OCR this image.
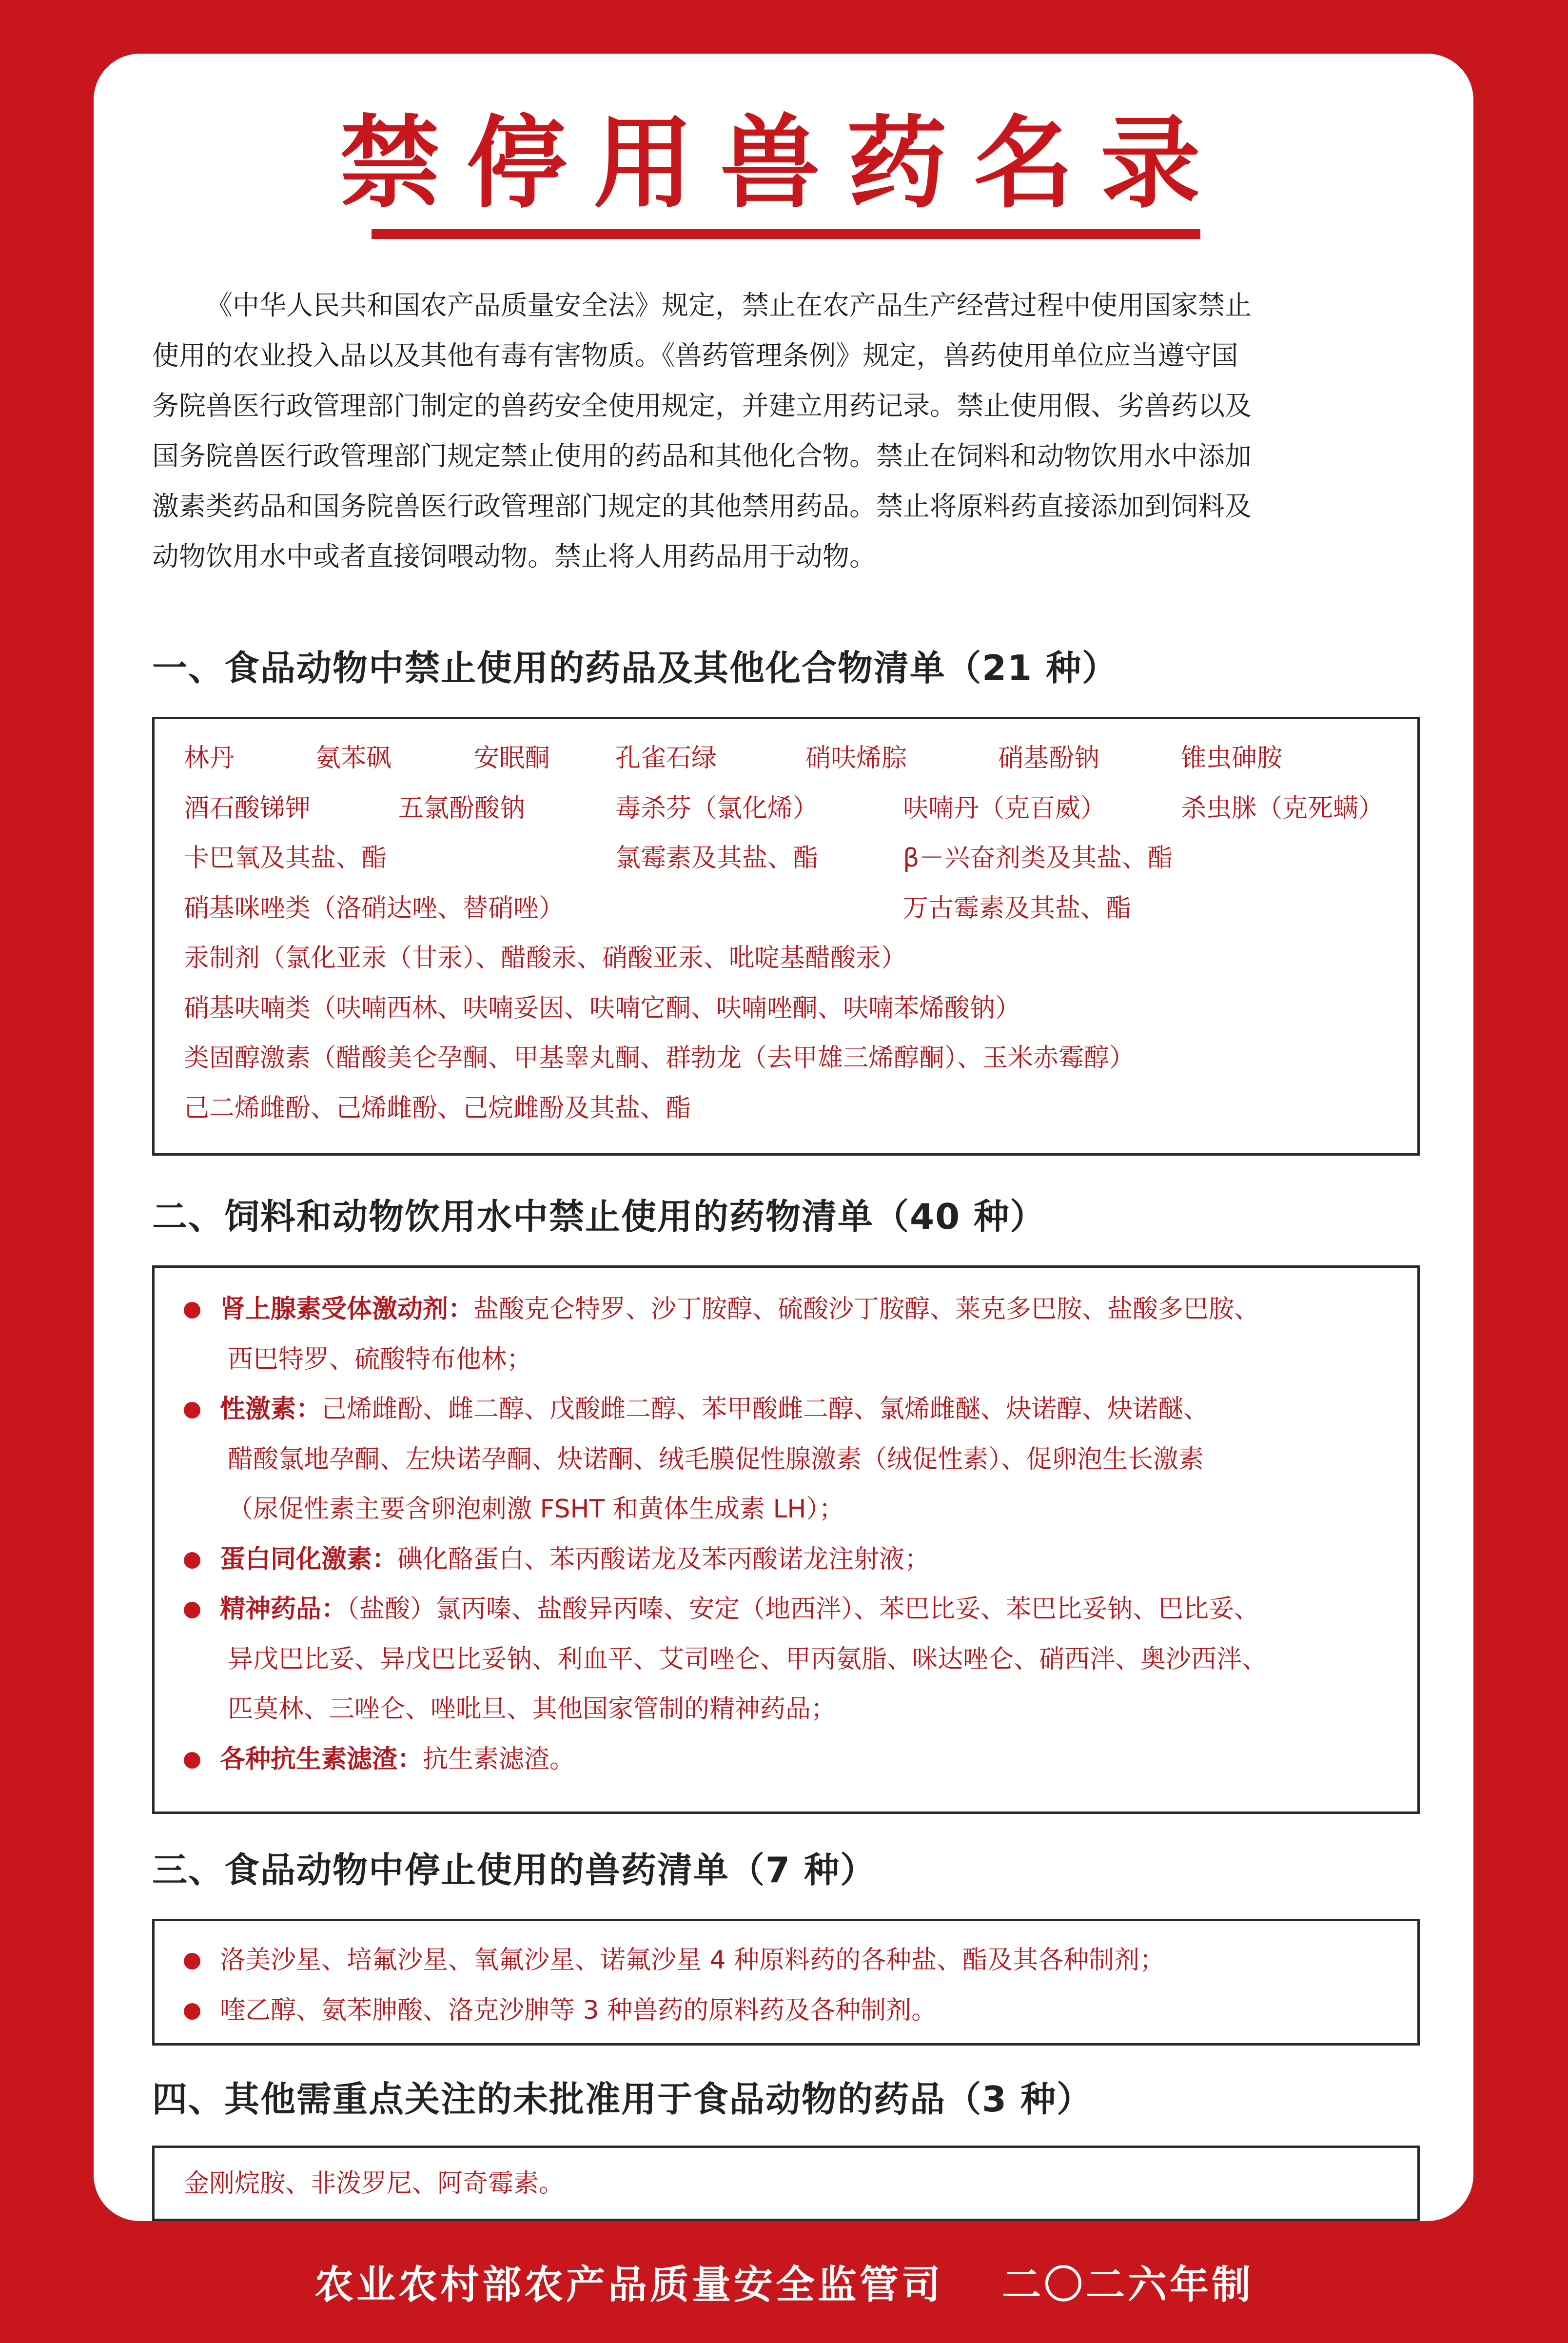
禁停用兽药名录
《中华人民共和国农产品质量安全法》规定，禁止在农产品生产经营过程中使用国家禁止
使用的农业投入品以及其他有毒有害物质。《兽药管理条例》规定，兽药使用单位应当遵守国
务院兽医行政管理部门制定的兽药安全使用规定，并建立用药记录。禁止使用假、劣兽药以及
国务院兽医行政管理部门规定禁止使用的药品和其他化合物。禁止在饲料和动物饮用水中添加
激素类药品和国务院兽医行政管理部门规定的其他禁用药品。禁止将原料药直接添加到饲料及
动物饮用水中或者直接饲喂动物。禁止将人用药品用于动物。
一、食品动物中禁止使用的药品及其他化合物清单（21 种）
林丹	氨苯砜	安眠酮	孔雀石绿	硝呋烯腙	硝基酚钠	锥虫砷胺
酒石酸锑钾	五氯酚酸钠	毒杀芬（氯化烯）	呋喃丹（克百威）	杀虫脒（克死螨）
卡巴氧及其盐、酯	氯霉素及其盐、酯	β－兴奋剂类及其盐、酯
硝基咪唑类（洛硝达唑、替硝唑）	万古霉素及其盐、酯
汞制剂（氯化亚汞（甘汞）、醋酸汞、硝酸亚汞、吡啶基醋酸汞）
硝基呋喃类（呋喃西林、呋喃妥因、呋喃它酮、呋喃唑酮、呋喃苯烯酸钠）
类固醇激素（醋酸美仑孕酮、甲基睾丸酮、群勃龙（去甲雄三烯醇酮）、玉米赤霉醇）
己二烯雌酚、己烯雌酚、己烷雌酚及其盐、酯
二、饲料和动物饮用水中禁止使用的药物清单（40 种）
肾上腺素受体激动剂：盐酸克仑特罗、沙丁胺醇、硫酸沙丁胺醇、莱克多巴胺、盐酸多巴胺、
西巴特罗、硫酸特布他林；
性激素：己烯雌酚、雌二醇、戊酸雌二醇、苯甲酸雌二醇、氯烯雌醚、炔诺醇、炔诺醚、
醋酸氯地孕酮、左炔诺孕酮、炔诺酮、绒毛膜促性腺激素（绒促性素）、促卵泡生长激素
（尿促性素主要含卵泡刺激 FSHT 和黄体生成素 LH）；
蛋白同化激素：碘化酪蛋白、苯丙酸诺龙及苯丙酸诺龙注射液；
精神药品：（盐酸）氯丙嗪、盐酸异丙嗪、安定（地西泮）、苯巴比妥、苯巴比妥钠、巴比妥、
异戊巴比妥、异戊巴比妥钠、利血平、艾司唑仑、甲丙氨脂、咪达唑仑、硝西泮、奥沙西泮、
匹莫林、三唑仑、唑吡旦、其他国家管制的精神药品；
各种抗生素滤渣：抗生素滤渣。
三、食品动物中停止使用的兽药清单（7 种）
洛美沙星、培氟沙星、氧氟沙星、诺氟沙星 4 种原料药的各种盐、酯及其各种制剂；
喹乙醇、氨苯胂酸、洛克沙胂等 3 种兽药的原料药及各种制剂。
四、其他需重点关注的未批准用于食品动物的药品（3 种）
金刚烷胺、非泼罗尼、阿奇霉素。
农业农村部农产品质量安全监管司 二〇二六年制
